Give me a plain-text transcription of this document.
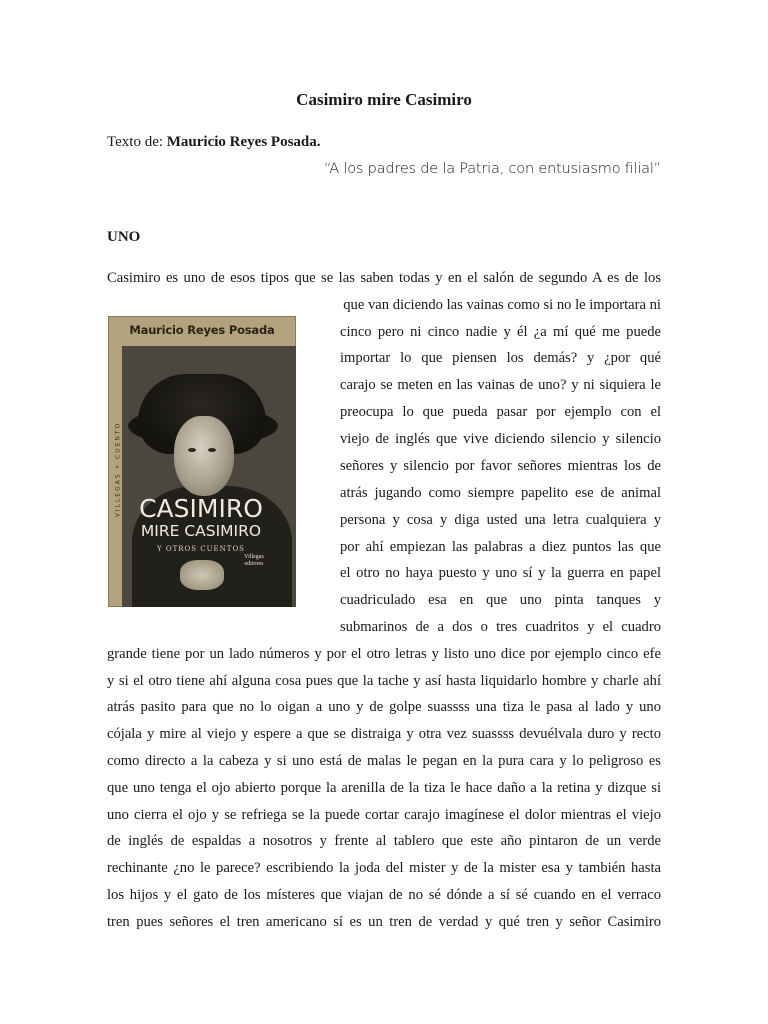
Casimiro mire Casimiro
Texto de: Mauricio Reyes Posada.
“A los padres de la Patria, con entusiasmo filial”
UNO
Mauricio Reyes Posada
VILLEGAS • CUENTO CASIMIRO
MIRE CASIMIRO
Y OTROS CUENTOS
Villegas editores
Casimiro es uno de esos tipos que se las saben todas y en el salón de segundo A es de los
que van diciendo las vainas como si no le importara ni
cinco pero ni cinco nadie y él ¿a mí qué me puede
importar lo que piensen los demás? y ¿por qué
carajo se meten en las vainas de uno? y ni siquiera le
preocupa lo que pueda pasar por ejemplo con el
viejo de inglés que vive diciendo silencio y silencio
señores y silencio por favor señores mientras los de
atrás jugando como siempre papelito ese de animal
persona y cosa y diga usted una letra cualquiera y
por ahí empiezan las palabras a diez puntos las que
el otro no haya puesto y uno sí y la guerra en papel
cuadriculado esa en que uno pinta tanques y
submarinos de a dos o tres cuadritos y el cuadro
grande tiene por un lado números y por el otro letras y listo uno dice por ejemplo cinco efe
y si el otro tiene ahí alguna cosa pues que la tache y así hasta liquidarlo hombre y charle ahí
atrás pasito para que no lo oigan a uno y de golpe suassss una tiza le pasa al lado y uno
cójala y mire al viejo y espere a que se distraiga y otra vez suassss devuélvala duro y recto
como directo a la cabeza y si uno está de malas le pegan en la pura cara y lo peligroso es
que uno tenga el ojo abierto porque la arenilla de la tiza le hace daño a la retina y dizque si
uno cierra el ojo y se refriega se la puede cortar carajo imagínese el dolor mientras el viejo
de inglés de espaldas a nosotros y frente al tablero que este año pintaron de un verde
rechinante ¿no le parece? escribiendo la joda del mister y de la mister esa y también hasta
los hijos y el gato de los místeres que viajan de no sé dónde a sí sé cuando en el verraco
tren pues señores el tren americano sí es un tren de verdad y qué tren y señor Casimiro
